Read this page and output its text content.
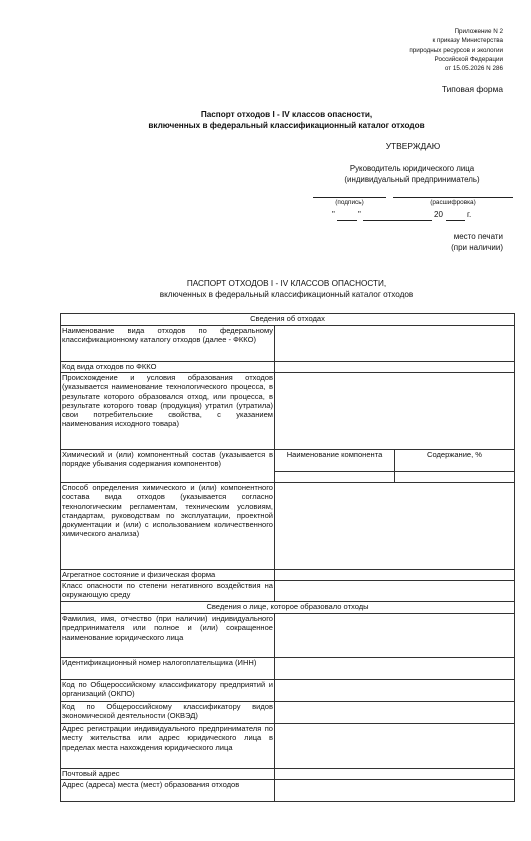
Приложение N 2
к приказу Министерства
природных ресурсов и экологии
Российской Федерации
от 15.05.2026 N 286
Типовая форма
Паспорт отходов I - IV классов опасности,
включенных в федеральный классификационный каталог отходов
УТВЕРЖДАЮ
Руководитель юридического лица
(индивидуальный предприниматель)
(подпись)	(расшифровка)
"	"	20	г.
место печати
(при наличии)
ПАСПОРТ ОТХОДОВ I - IV КЛАССОВ ОПАСНОСТИ,
включенных в федеральный классификационный каталог отходов
Сведения об отходах		
Наименование вида отходов по федеральному классификационному каталогу отходов (далее - ФККО)		
Код вида отходов по ФККО		
Происхождение и условия образования отходов (указывается наименование технологического процесса, в результате которого образовался отход, или процесса, в результате которого товар (продукция) утратил (утратила) свои потребительские свойства, с указанием наименования исходного товара)		
Химический и (или) компонентный состав (указывается в порядке убывания содержания компонентов)	Наименование компонента	Содержание, %

Способ определения химического и (или) компонентного состава вида отходов (указывается согласно технологическим регламентам, техническим условиям, стандартам, руководствам по эксплуатации, проектной документации и (или) с использованием количественного химического анализа)		
Агрегатное состояние и физическая форма		
Класс опасности по степени негативного воздействия на окружающую среду		
Сведения о лице, которое образовало отходы		
Фамилия, имя, отчество (при наличии) индивидуального предпринимателя или полное и (или) сокращенное наименование юридического лица		
Идентификационный номер налогоплательщика (ИНН)		
Код по Общероссийскому классификатору предприятий и организаций (ОКПО)		
Код по Общероссийскому классификатору видов экономической деятельности (ОКВЭД)		
Адрес регистрации индивидуального предпринимателя по месту жительства или адрес юридического лица в пределах места нахождения юридического лица		
Почтовый адрес		
Адрес (адреса) места (мест) образования отходов		
